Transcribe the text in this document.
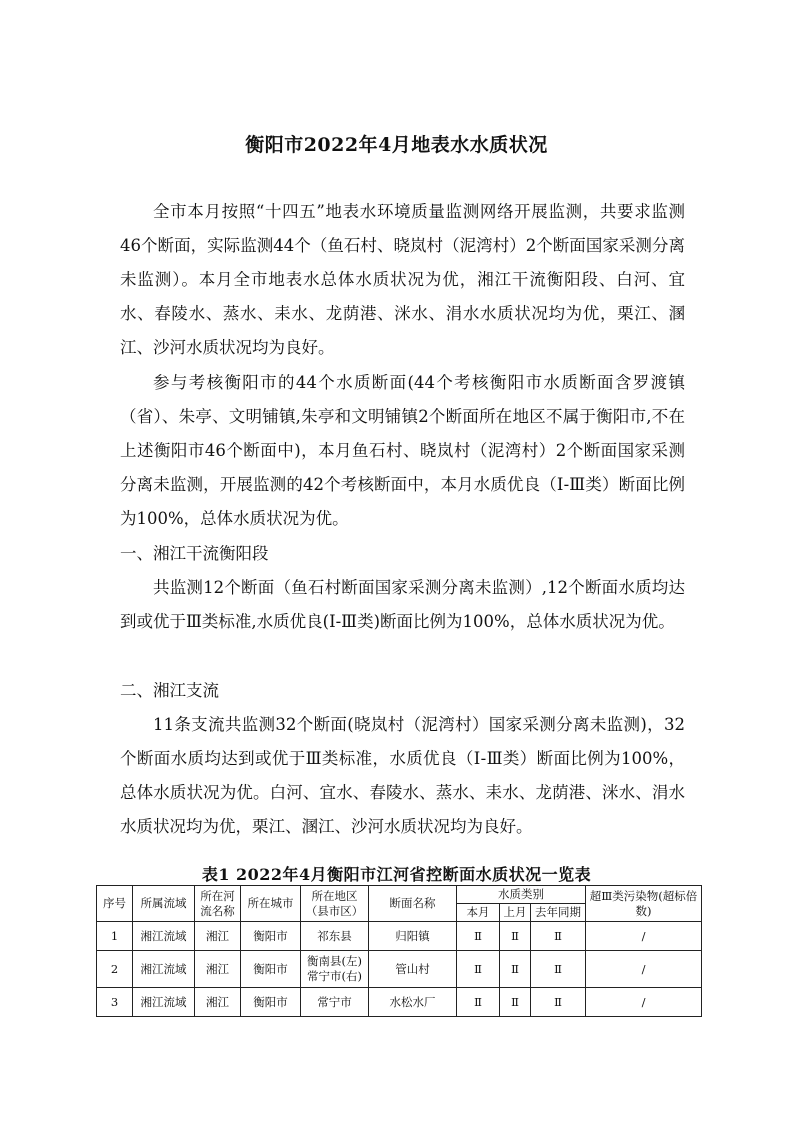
衡阳市2022年4月地表水水质状况

全市本月按照“十四五”地表水环境质量监测网络开展监测，共要求监测46个断面，实际监测44个（鱼石村、晓岚村（泥湾村）2个断面国家采测分离未监测）。本月全市地表水总体水质状况为优，湘江干流衡阳段、白河、宜水、春陵水、蒸水、耒水、龙荫港、洣水、涓水水质状况均为优，栗江、溷江、沙河水质状况均为良好。

参与考核衡阳市的44个水质断面(44个考核衡阳市水质断面含罗渡镇（省）、朱亭、文明铺镇,朱亭和文明铺镇2个断面所在地区不属于衡阳市,不在上述衡阳市46个断面中)，本月鱼石村、晓岚村（泥湾村）2个断面国家采测分离未监测，开展监测的42个考核断面中，本月水质优良（Ⅰ-Ⅲ类）断面比例为100%，总体水质状况为优。

一、湘江干流衡阳段

共监测12个断面（鱼石村断面国家采测分离未监测）,12个断面水质均达到或优于Ⅲ类标准,水质优良(Ⅰ-Ⅲ类)断面比例为100%，总体水质状况为优。

二、湘江支流

11条支流共监测32个断面(晓岚村（泥湾村）国家采测分离未监测)，32个断面水质均达到或优于Ⅲ类标准，水质优良（Ⅰ-Ⅲ类）断面比例为100%，总体水质状况为优。白河、宜水、春陵水、蒸水、耒水、龙荫港、洣水、涓水水质状况均为优，栗江、溷江、沙河水质状况均为良好。

表1 2022年4月衡阳市江河省控断面水质状况一览表
序号	所属流域	所在河流名称	所在城市	所在地区（县市区）	断面名称	水质类别			超Ⅲ类污染物(超标倍数)
						本月	上月	去年同期	
1	湘江流域	湘江	衡阳市	祁东县	归阳镇	Ⅱ	Ⅱ	Ⅱ	/
2	湘江流域	湘江	衡阳市	衡南县(左)常宁市(右)	管山村	Ⅱ	Ⅱ	Ⅱ	/
3	湘江流域	湘江	衡阳市	常宁市	水松水厂	Ⅱ	Ⅱ	Ⅱ	/
